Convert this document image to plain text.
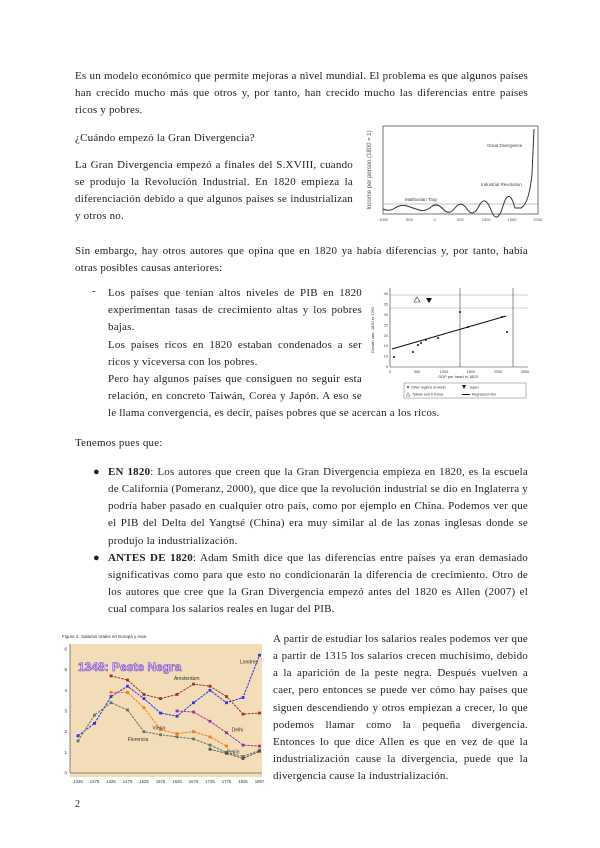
Es un modelo económico que permite mejoras a nivel mundial. El problema es que algunos países han crecido mucho más que otros y, por tanto, han crecido mucho las diferencias entre países ricos y pobres.

Income per person (1800 = 1)	Great Divergence
Industrial Revolution
Malthusian Trap
-1000	-500	0	500	1000	1500	2000

¿Cuándo empezó la Gran Divergencia?

La Gran Divergencia empezó a finales del S.XVIII, cuando se produjo la Revolución Industrial. En 1820 empieza la diferenciación debido a que algunos países se industrializan y otros no.

Sin embargo, hay otros autores que opina que en 1820 ya había diferencias y, por tanto, había otras posibles causas anteriores:

-
Growth rate, 1820 to 1992
5
10
15
20
25
30
35
40
0	500	1000	1500	2000	2500
GDP per head in 1820
Other regions of world	Japan
Taiwan and S Korea	Regression line

Los países que tenían altos niveles de PIB en 1820 experimentan tasas de crecimiento altas y los pobres bajas.

Los países ricos en 1820 estaban condenados a ser ricos y viceversa con los pobres.

Pero hay algunos países que consiguen no seguir esta relación, en concreto Taiwán, Corea y Japón. A eso se le llama convergencia, es decir, países pobres que se acercan a los ricos.

Tenemos pues que:

● EN 1820: Los autores que creen que la Gran Divergencia empieza en 1820, es la escuela de California (Pomeranz, 2000), que dice que la revolución industrial se dio en Inglaterra y podría haber pasado en cualquier otro país, como por ejemplo en China. Podemos ver que el PIB del Delta del Yangtsé (China) era muy similar al de las zonas inglesas donde se produjo la industrialización.
● ANTES DE 1820: Adam Smith dice que las diferencias entre países ya eran demasiado significativas como para que esto no condicionarán la diferencia de crecimiento. Otro de los autores que cree que la Gran Divergencia empezó antes del 1820 es Allen (2007) el cual compara los salarios reales en lugar del PIB.
Figure 2. Salarios reales en Europa y Asia
1348: Peste Negra
0
1
2
3
4
5
6
1325 1375 1425 1475 1525 1575 1625 1675 1725 1775 1825 1867
Londres
Amsterdam
Viena
Florencia
Delhi
Pekín

A partir de estudiar los salarios reales podemos ver que a partir de 1315 los salarios crecen muchísimo, debido a la aparición de la peste negra. Después vuelven a caer, pero entonces se puede ver cómo hay países que siguen descendiendo y otros empiezan a crecer, lo que podemos llamar como la pequeña divergencia. Entonces lo que dice Allen es que en vez de que la industrialización cause la divergencia, puede que la divergencia cause la industrialización.

2
